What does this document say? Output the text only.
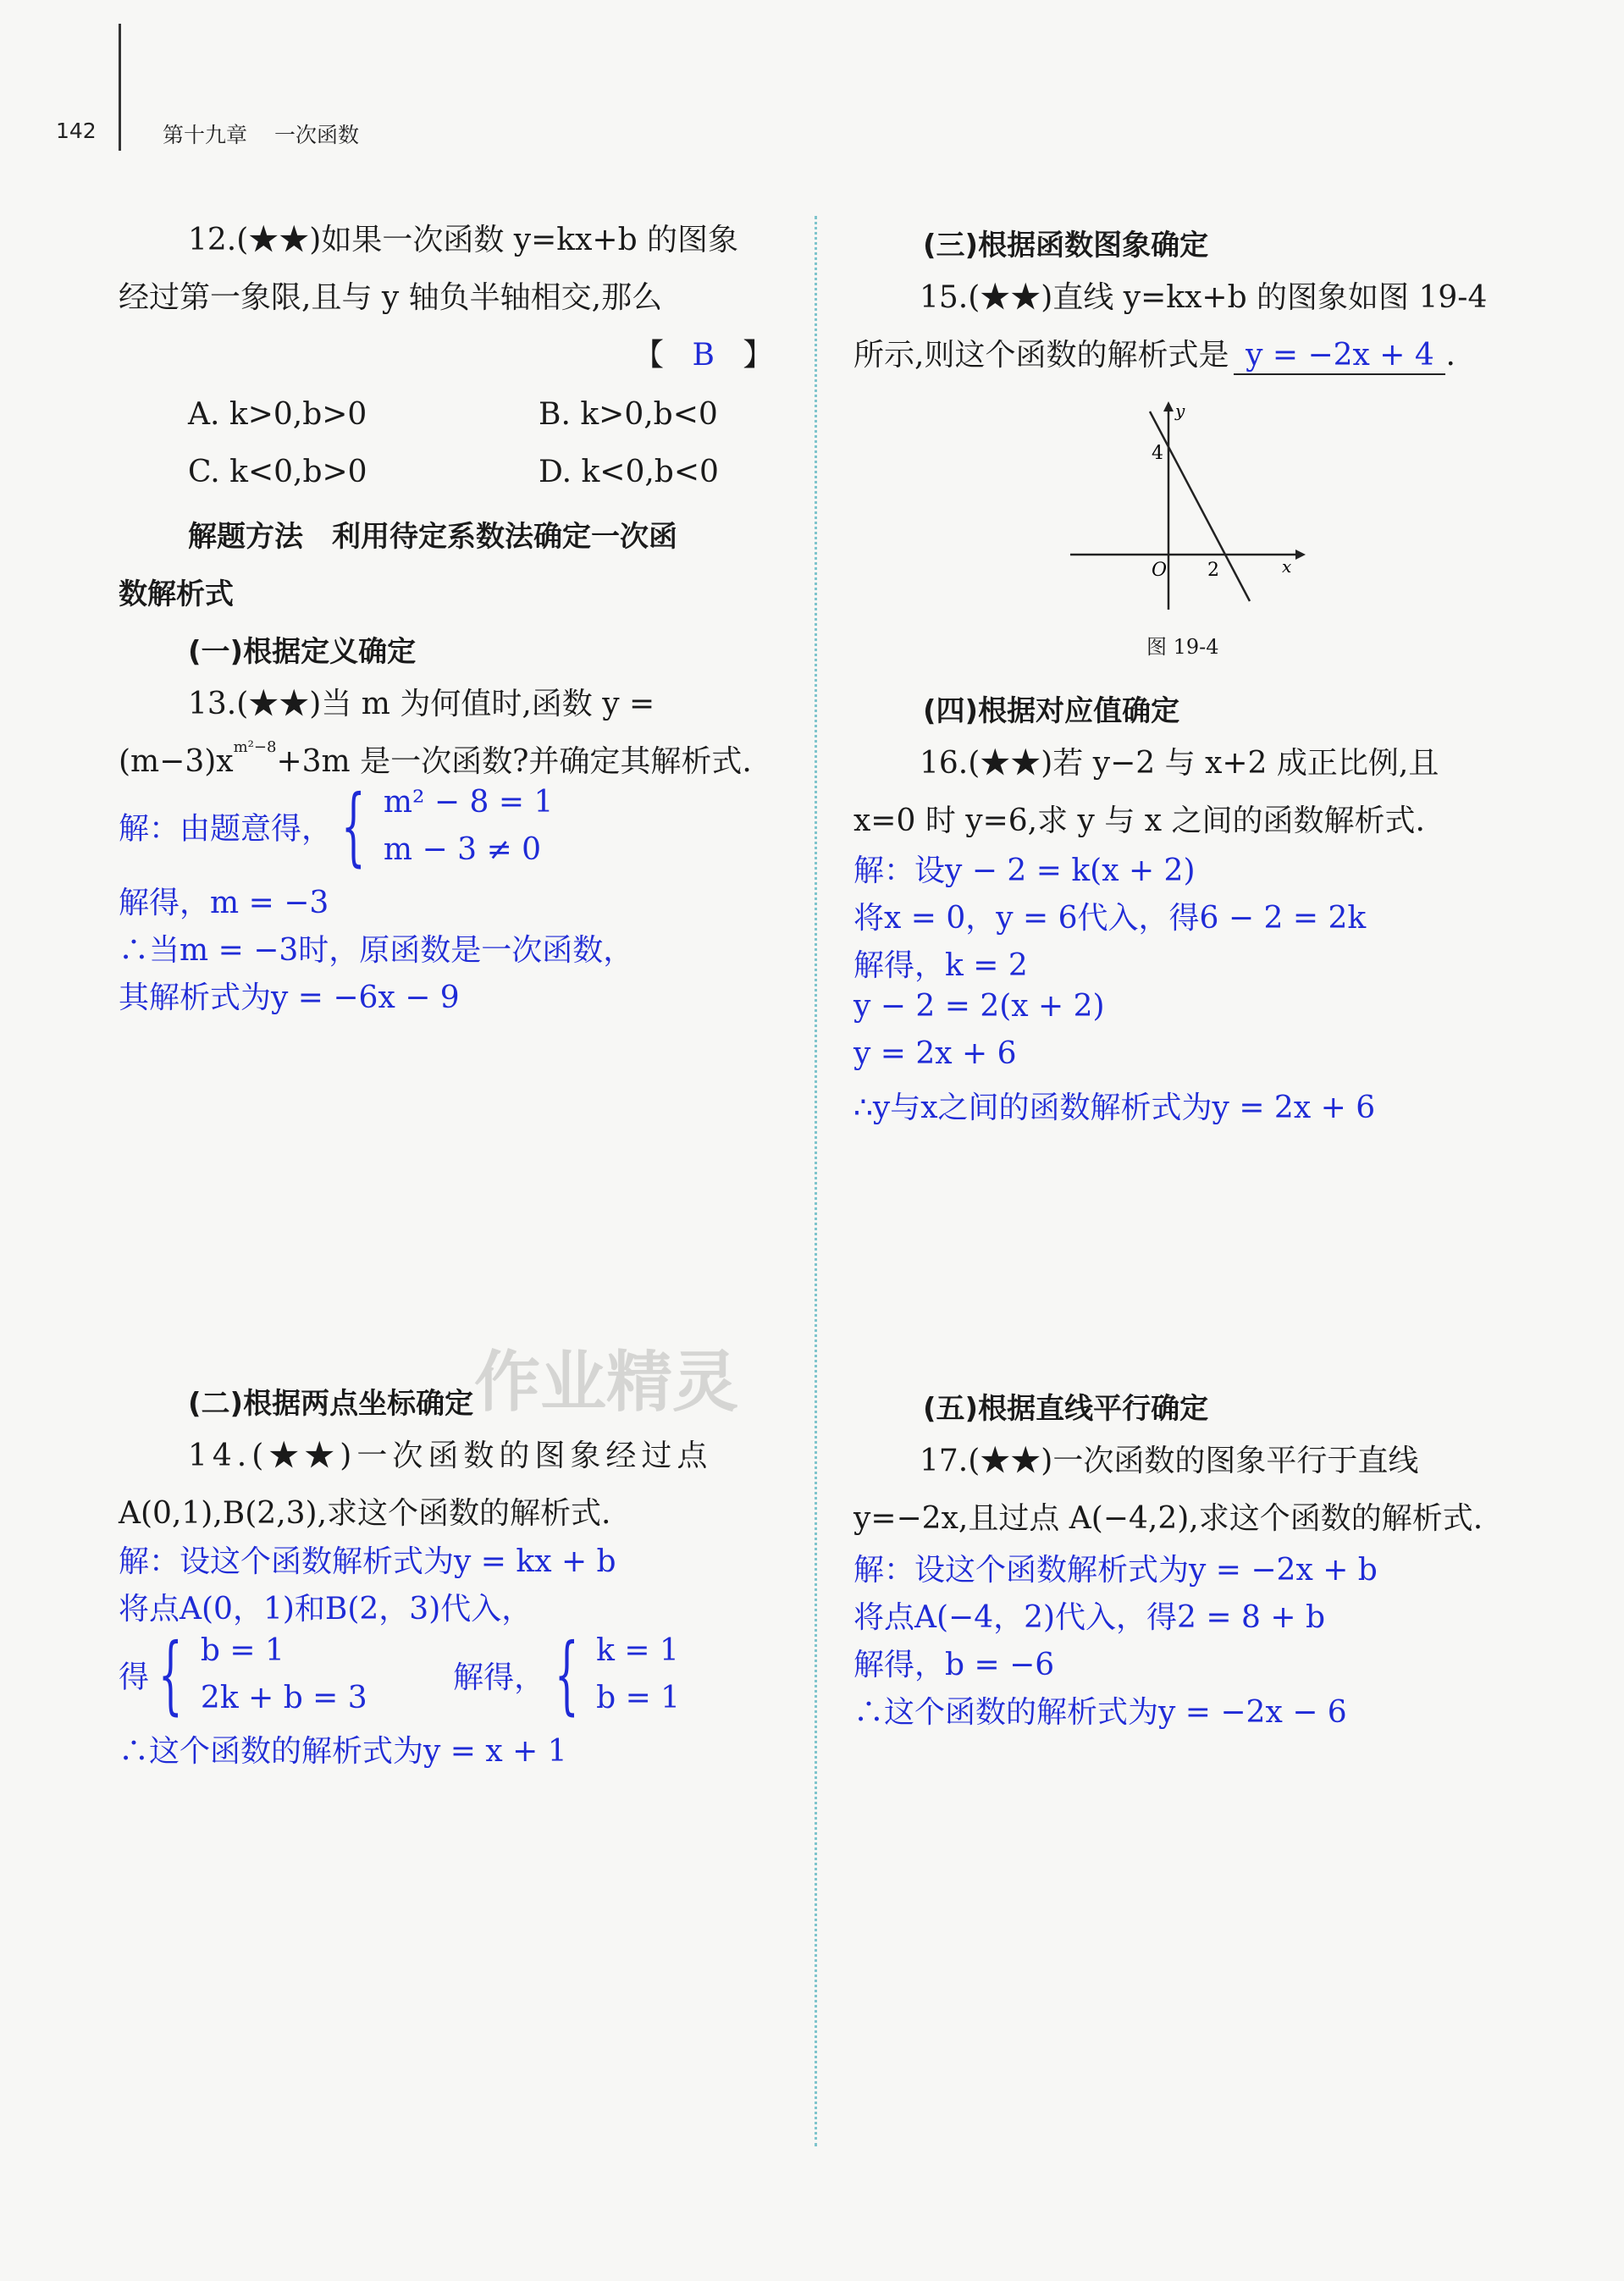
142	第十九章 一次函数
12.(★★)如果一次函数 y=kx+b 的图象
经过第一象限,且与 y 轴负半轴相交,那么
【 B 】
A. k>0,b>0	B. k>0,b<0
C. k<0,b>0	D. k<0,b<0
解题方法　利用待定系数法确定一次函
数解析式
(一)根据定义确定
13.(★★)当 m 为何值时,函数 y =
$(m-3)x^{m^2-8}+3m$ 是一次函数?并确定其解析式.
解：由题意得， { m² − 8 = 1
m − 3 ≠ 0
解得，m = −3
∴当m = −3时，原函数是一次函数，
其解析式为y = −6x − 9
作业精灵
(二)根据两点坐标确定
14.(★★)一次函数的图象经过点
A(0,1),B(2,3),求这个函数的解析式.
解：设这个函数解析式为y = kx + b
将点A(0，1)和B(2，3)代入，
得 { b = 1
2k + b = 3
解得， { k = 1
b = 1
∴这个函数的解析式为y = x + 1
(三)根据函数图象确定
15.(★★)直线 y=kx+b 的图象如图 19-4
所示,则这个函数的解析式是 y = −2x + 4 .
y
x
O
4
2
图 19-4
(四)根据对应值确定
16.(★★)若 y−2 与 x+2 成正比例,且
x=0 时 y=6,求 y 与 x 之间的函数解析式.
解：设y − 2 = k(x + 2)
将x = 0，y = 6代入，得6 − 2 = 2k
解得，k = 2
y − 2 = 2(x + 2)
y = 2x + 6
∴y与x之间的函数解析式为y = 2x + 6
(五)根据直线平行确定
17.(★★)一次函数的图象平行于直线
y=−2x,且过点 A(−4,2),求这个函数的解析式.
解：设这个函数解析式为y = −2x + b
将点A(−4，2)代入，得2 = 8 + b
解得，b = −6
∴这个函数的解析式为y = −2x − 6
